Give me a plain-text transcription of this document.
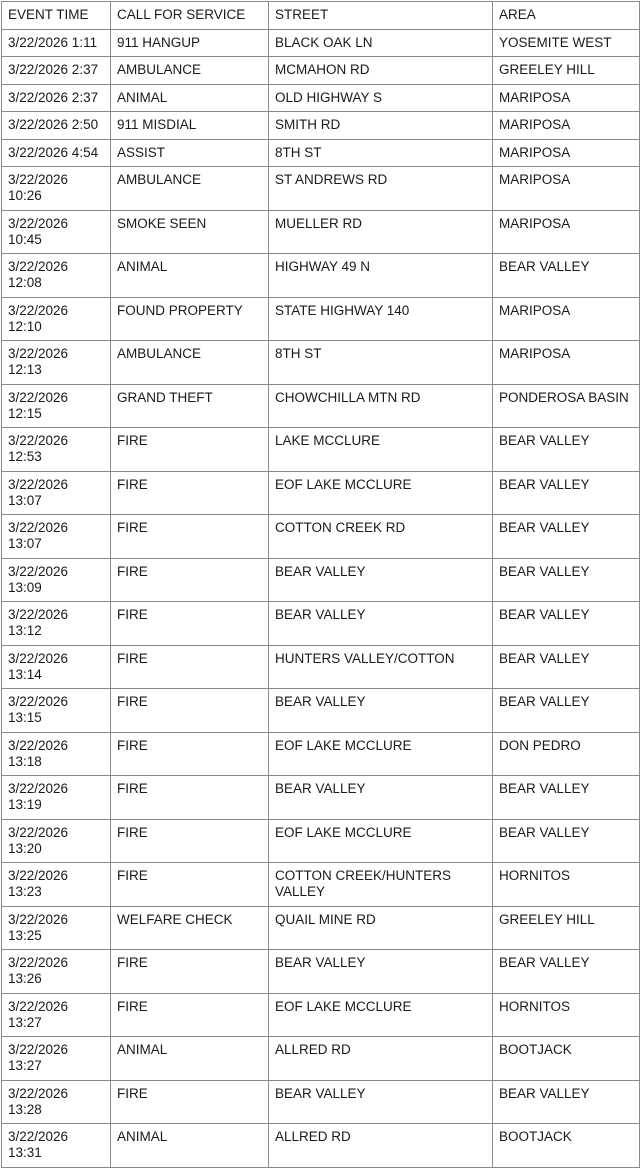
EVENT TIME	CALL FOR SERVICE	STREET	AREA
3/22/2026 1:11	911 HANGUP	BLACK OAK LN	YOSEMITE WEST
3/22/2026 2:37	AMBULANCE	MCMAHON RD	GREELEY HILL
3/22/2026 2:37	ANIMAL	OLD HIGHWAY S	MARIPOSA
3/22/2026 2:50	911 MISDIAL	SMITH RD	MARIPOSA
3/22/2026 4:54	ASSIST	8TH ST	MARIPOSA
3/22/2026 10:26	AMBULANCE	ST ANDREWS RD	MARIPOSA
3/22/2026 10:45	SMOKE SEEN	MUELLER RD	MARIPOSA
3/22/2026 12:08	ANIMAL	HIGHWAY 49 N	BEAR VALLEY
3/22/2026 12:10	FOUND PROPERTY	STATE HIGHWAY 140	MARIPOSA
3/22/2026 12:13	AMBULANCE	8TH ST	MARIPOSA
3/22/2026 12:15	GRAND THEFT	CHOWCHILLA MTN RD	PONDEROSA BASIN
3/22/2026 12:53	FIRE	LAKE MCCLURE	BEAR VALLEY
3/22/2026 13:07	FIRE	EOF LAKE MCCLURE	BEAR VALLEY
3/22/2026 13:07	FIRE	COTTON CREEK RD	BEAR VALLEY
3/22/2026 13:09	FIRE	BEAR VALLEY	BEAR VALLEY
3/22/2026 13:12	FIRE	BEAR VALLEY	BEAR VALLEY
3/22/2026 13:14	FIRE	HUNTERS VALLEY/COTTON	BEAR VALLEY
3/22/2026 13:15	FIRE	BEAR VALLEY	BEAR VALLEY
3/22/2026 13:18	FIRE	EOF LAKE MCCLURE	DON PEDRO
3/22/2026 13:19	FIRE	BEAR VALLEY	BEAR VALLEY
3/22/2026 13:20	FIRE	EOF LAKE MCCLURE	BEAR VALLEY
3/22/2026 13:23	FIRE	COTTON CREEK/HUNTERS VALLEY	HORNITOS
3/22/2026 13:25	WELFARE CHECK	QUAIL MINE RD	GREELEY HILL
3/22/2026 13:26	FIRE	BEAR VALLEY	BEAR VALLEY
3/22/2026 13:27	FIRE	EOF LAKE MCCLURE	HORNITOS
3/22/2026 13:27	ANIMAL	ALLRED RD	BOOTJACK
3/22/2026 13:28	FIRE	BEAR VALLEY	BEAR VALLEY
3/22/2026 13:31	ANIMAL	ALLRED RD	BOOTJACK
